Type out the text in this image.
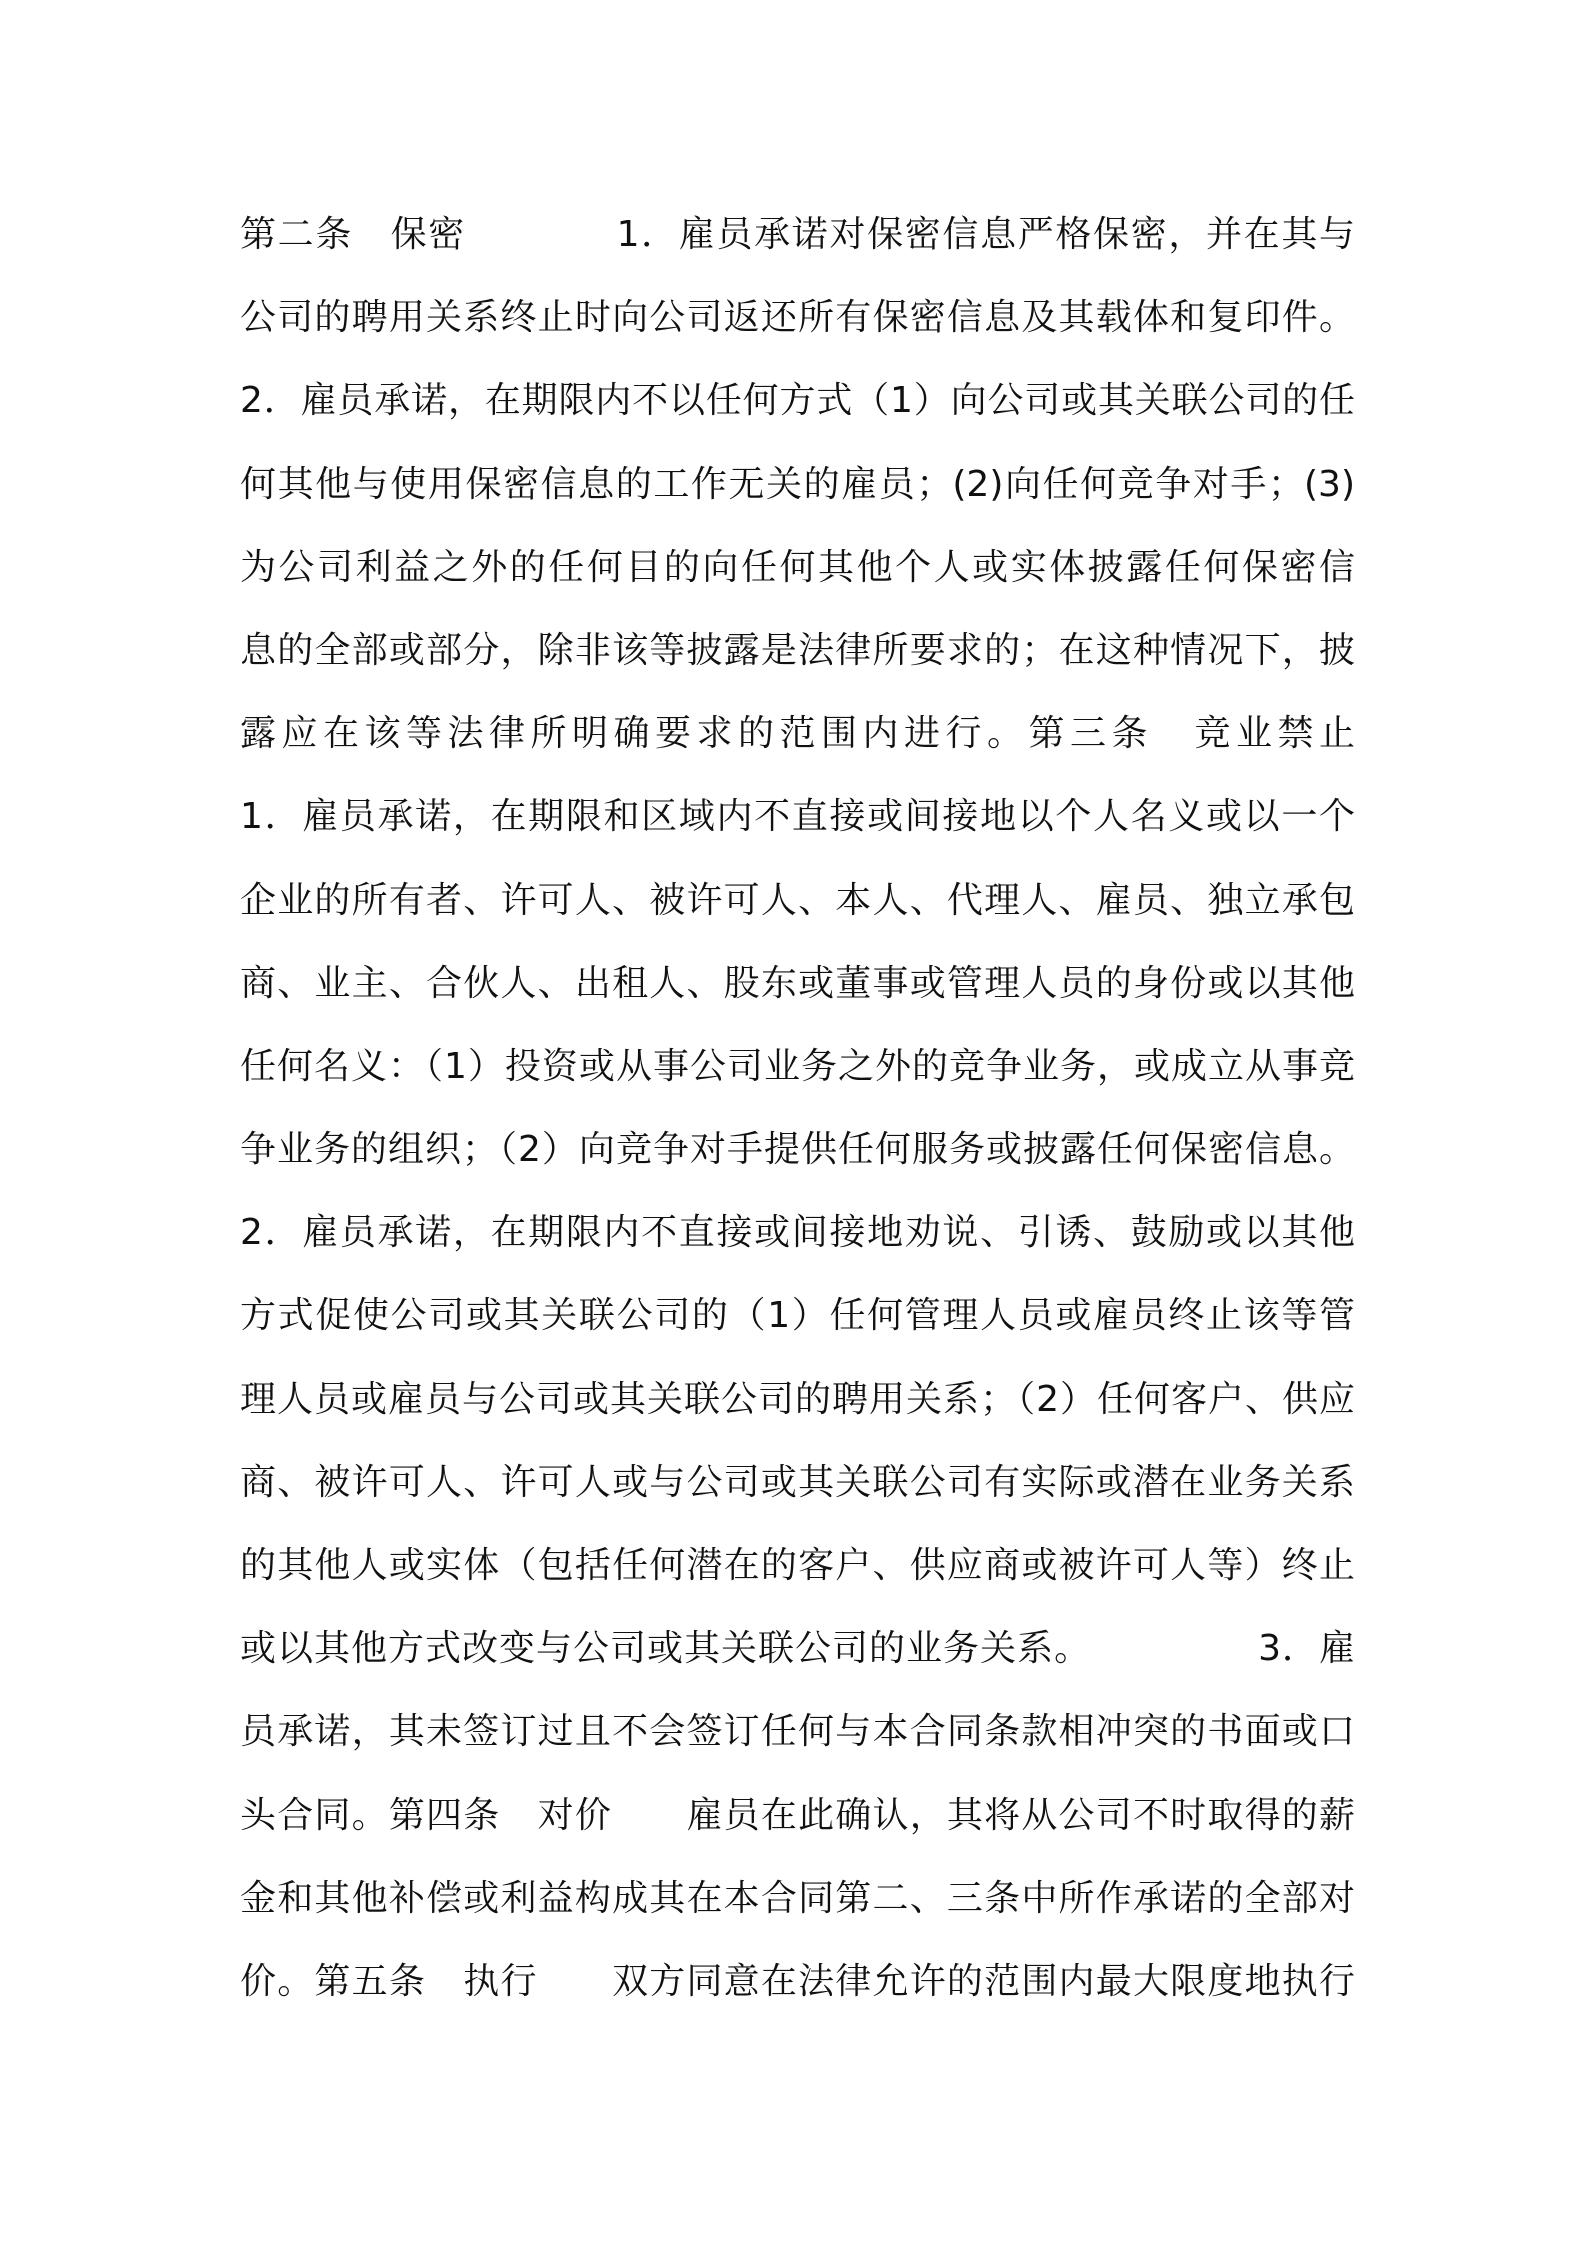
第二条　保密　　　　1．雇员承诺对保密信息严格保密，并在其与
公司的聘用关系终止时向公司返还所有保密信息及其载体和复印件。
2．雇员承诺，在期限内不以任何方式（1）向公司或其关联公司的任
何其他与使用保密信息的工作无关的雇员；(2)向任何竞争对手；(3)
为公司利益之外的任何目的向任何其他个人或实体披露任何保密信
息的全部或部分，除非该等披露是法律所要求的；在这种情况下，披
露应在该等法律所明确要求的范围内进行。第三条　竞业禁止
1．雇员承诺，在期限和区域内不直接或间接地以个人名义或以一个
企业的所有者、许可人、被许可人、本人、代理人、雇员、独立承包
商、业主、合伙人、出租人、股东或董事或管理人员的身份或以其他
任何名义：（1）投资或从事公司业务之外的竞争业务，或成立从事竞
争业务的组织；（2）向竞争对手提供任何服务或披露任何保密信息。
2．雇员承诺，在期限内不直接或间接地劝说、引诱、鼓励或以其他
方式促使公司或其关联公司的（1）任何管理人员或雇员终止该等管
理人员或雇员与公司或其关联公司的聘用关系；（2）任何客户、供应
商、被许可人、许可人或与公司或其关联公司有实际或潜在业务关系
的其他人或实体（包括任何潜在的客户、供应商或被许可人等）终止
或以其他方式改变与公司或其关联公司的业务关系。　　　　　3．雇
员承诺，其未签订过且不会签订任何与本合同条款相冲突的书面或口
头合同。第四条　对价　　雇员在此确认，其将从公司不时取得的薪
金和其他补偿或利益构成其在本合同第二、三条中所作承诺的全部对
价。第五条　执行　　双方同意在法律允许的范围内最大限度地执行
